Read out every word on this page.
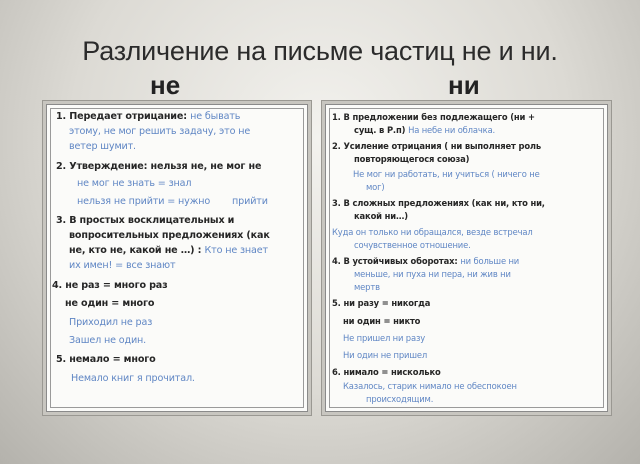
Различение на письме частиц не и ни.
не	ни
1. Передает отрицание: не бывать
этому, не мог решить задачу, это не
ветер шумит.
2. Утверждение: нельзя не, не мог не
не мог не знать = знал
нельзя не прийти = нужно прийти
3. В простых восклицательных и
вопросительных предложениях (как
не, кто не, какой не …) : Кто не знает
их имен! = все знают
4. не раз = много раз
не один = много
Приходил не раз
Зашел не один.
5. немало = много
Немало книг я прочитал.
1. В предложении без подлежащего (ни +
сущ. в Р.п) На небе ни облачка.
2. Усиление отрицания ( ни выполняет роль
повторяющегося союза)
Не мог ни работать, ни учиться ( ничего не
мог)
3. В сложных предложениях (как ни, кто ни,
какой ни…)
Куда он только ни обращался, везде встречал
сочувственное отношение.
4. В устойчивых оборотах: ни больше ни
меньше, ни пуха ни пера, ни жив ни
мертв
5. ни разу = никогда
ни один = никто
Не пришел ни разу
Ни один не пришел
6. нимало = нисколько
Казалось, старик нимало не обеспокоен
происходящим.
